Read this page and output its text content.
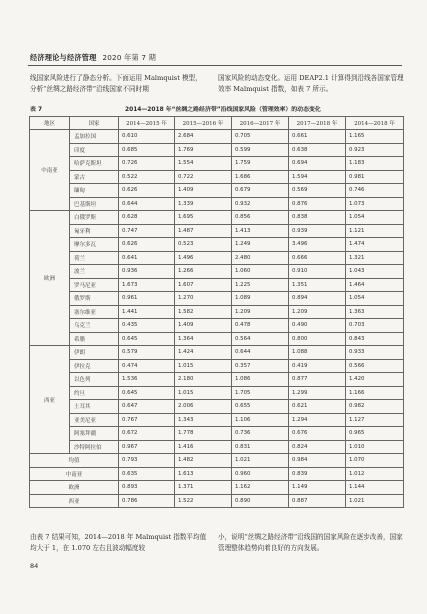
经济理论与经济管理 2020 年第 7 期
线国家风险进行了静态分析。下面运用 Malmquist 模型，分析“丝绸之路经济带”沿线国家不同时期
国家风险的动态变化。运用 DEAP2.1 计算得到沿线各国家管理效率 Malmquist 指数，如表 7 所示。
表 7	2014—2018 年“丝绸之路经济带”沿线国家风险（管理效率）的动态变化
地区	国家	2014—2015 年	2015—2016 年	2016—2017 年	2017—2018 年	2014—2018 年
中南亚	孟加拉国	0.610	2.684	0.705	0.661	1.165
	印度	0.685	1.769	0.599	0.638	0.923
	哈萨克斯坦	0.726	1.554	1.759	0.694	1.183
	蒙古	0.522	0.722	1.686	1.594	0.981
	缅甸	0.626	1.409	0.679	0.569	0.746
	巴基斯坦	0.644	1.339	0.932	0.876	1.073
欧洲	白俄罗斯	0.628	1.695	0.856	0.838	1.054
	匈牙利	0.747	1.487	1.413	0.939	1.121
	摩尔多瓦	0.626	0.523	1.249	3.496	1.474
	荷兰	0.641	1.496	2.480	0.666	1.321
	波兰	0.936	1.266	1.060	0.910	1.043
	罗马尼亚	1.673	1.607	1.225	1.351	1.464
	俄罗斯	0.961	1.270	1.089	0.894	1.054
	塞尔维亚	1.441	1.582	1.209	1.209	1.363
	乌克兰	0.435	1.409	0.478	0.490	0.703
	希腊	0.645	1.364	0.564	0.800	0.843
西亚	伊朗	0.579	1.424	0.644	1.088	0.933
	伊拉克	0.474	1.015	0.357	0.419	0.566
	以色列	1.536	2.180	1.086	0.877	1.420
	约旦	0.645	1.015	1.705	1.299	1.166
	土耳其	0.647	2.006	0.655	0.621	0.982
	亚美尼亚	0.767	1.343	1.106	1.294	1.127
	阿塞拜疆	0.672	1.778	0.736	0.676	0.965
	沙特阿拉伯	0.967	1.416	0.831	0.824	1.010
均值		0.793	1.482	1.021	0.984	1.070
中南亚		0.635	1.613	0.960	0.839	1.012
欧洲		0.893	1.371	1.162	1.149	1.144
西亚		0.786	1.522	0.890	0.887	1.021
由表 7 结果可知，2014—2018 年 Malmquist 指数平均值均大于 1，在 1.070 左右且波动幅度较
小，说明“丝绸之路经济带”沿线国的国家风险在逐步改善，国家管理整体趋势向着良好的方向发展。
84
